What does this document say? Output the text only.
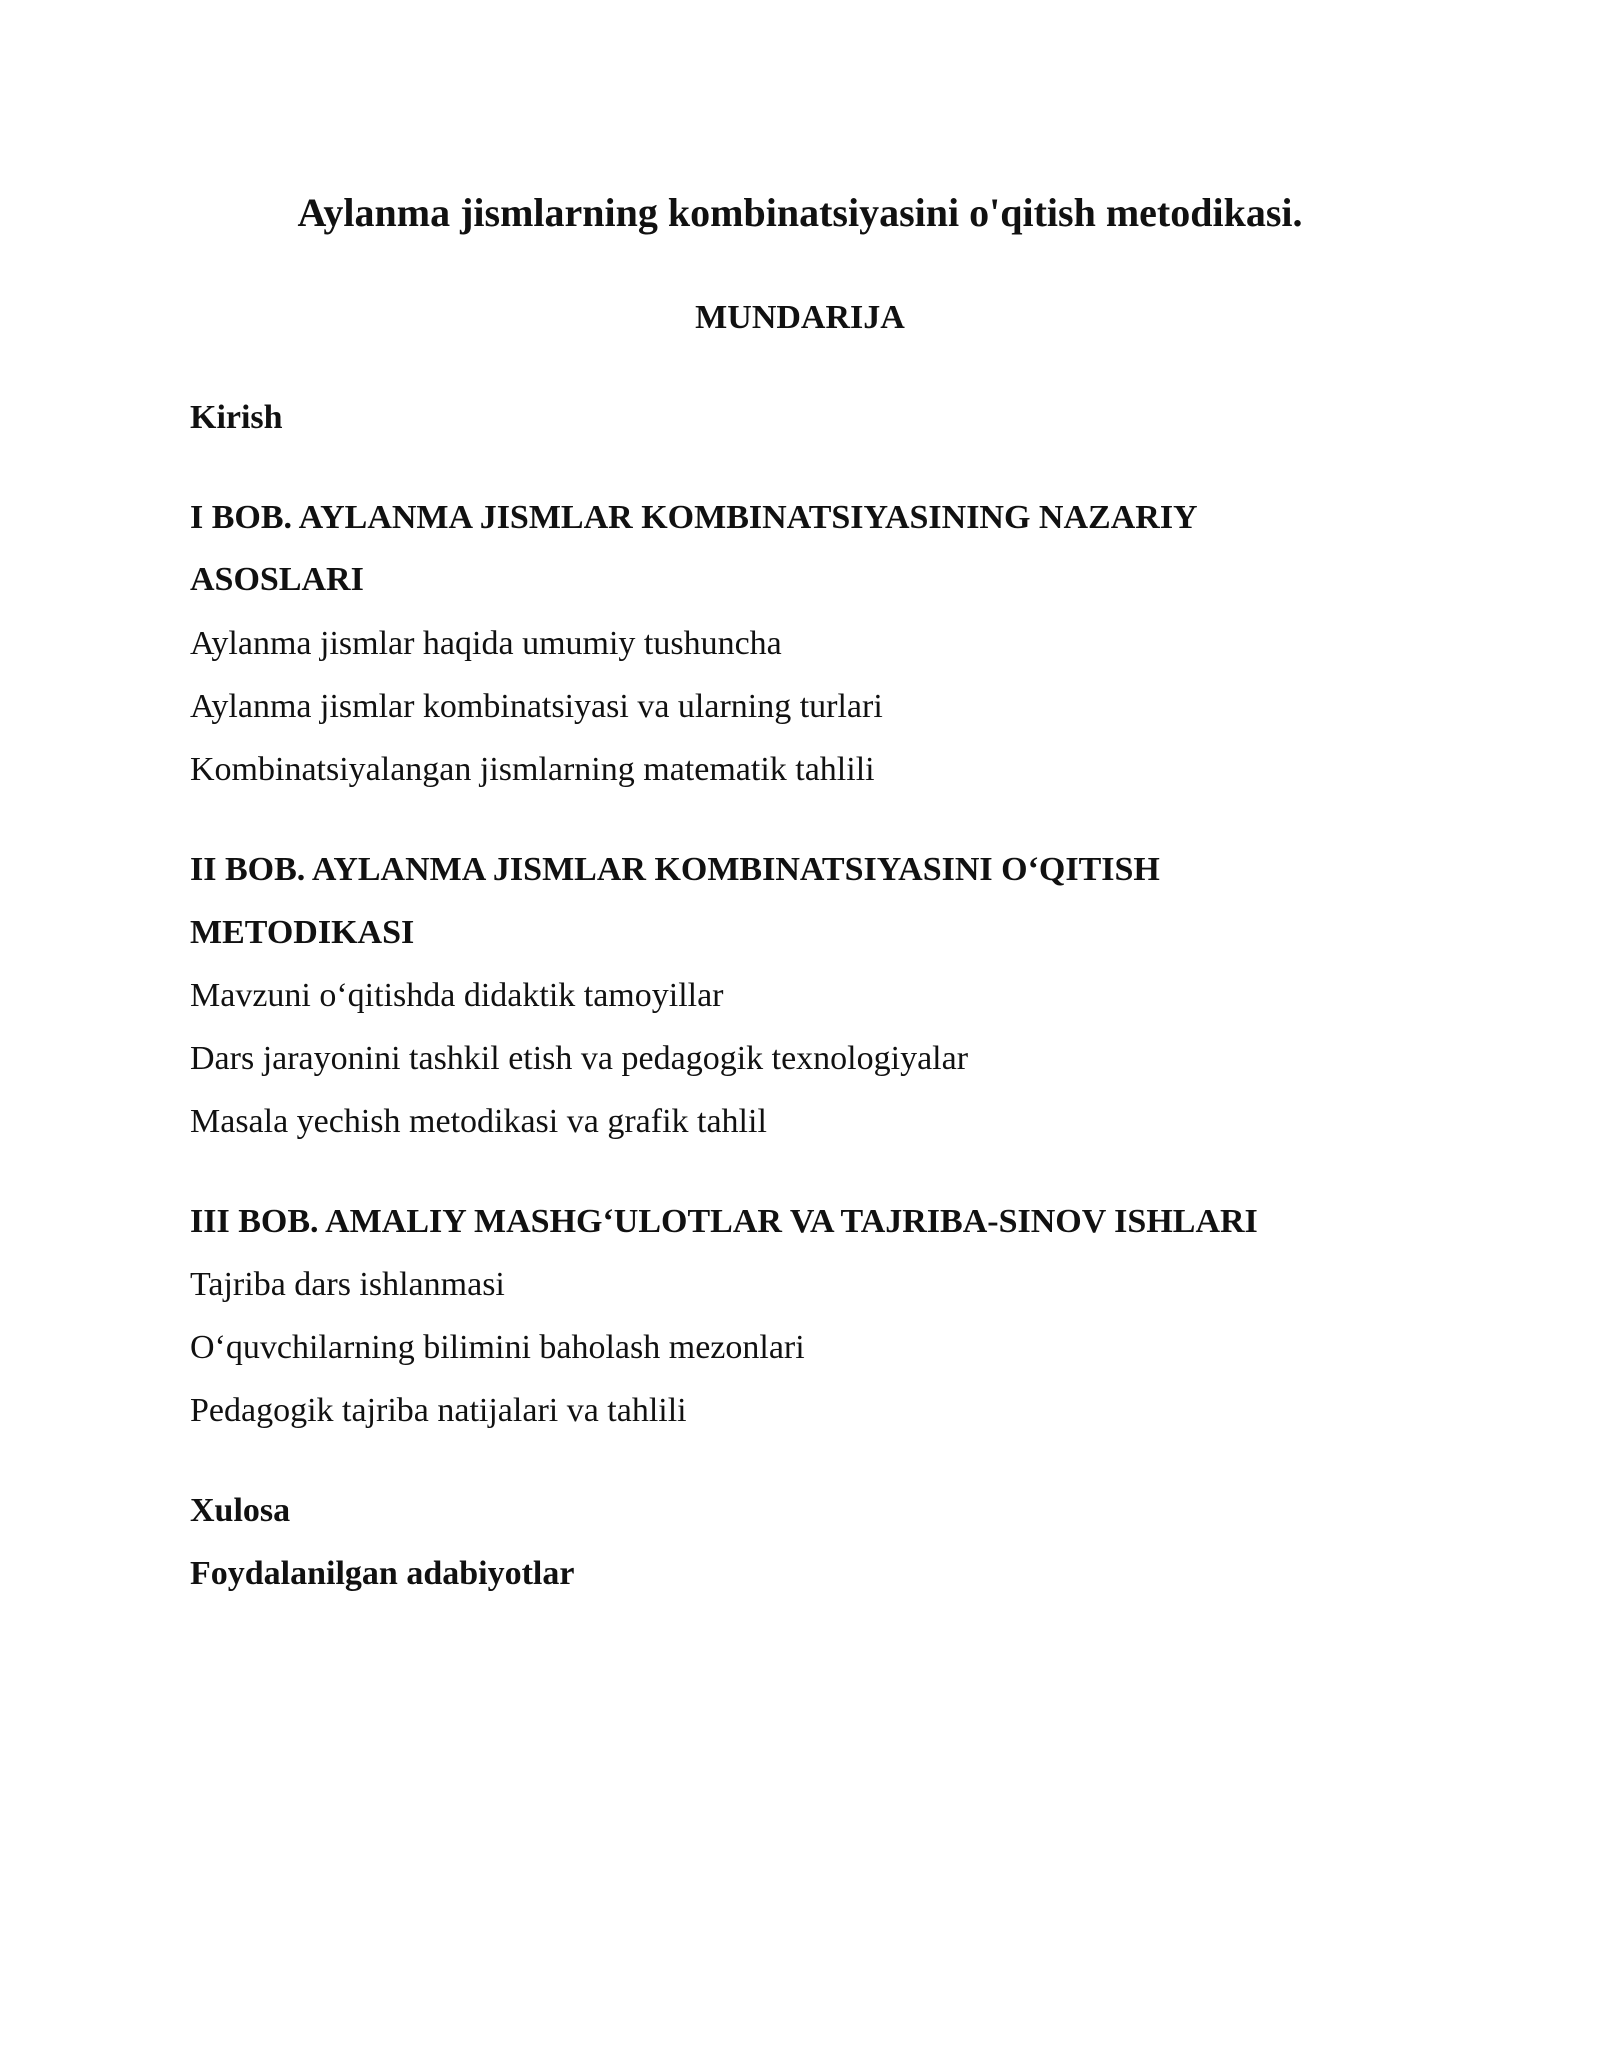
Aylanma jismlarning kombinatsiyasini o'qitish metodikasi.
MUNDARIJA

Kirish

I BOB. AYLANMA JISMLAR KOMBINATSIYASINING NAZARIY

ASOSLARI

Aylanma jismlar haqida umumiy tushuncha

Aylanma jismlar kombinatsiyasi va ularning turlari

Kombinatsiyalangan jismlarning matematik tahlili

II BOB. AYLANMA JISMLAR KOMBINATSIYASINI O‘QITISH

METODIKASI

Mavzuni o‘qitishda didaktik tamoyillar

Dars jarayonini tashkil etish va pedagogik texnologiyalar

Masala yechish metodikasi va grafik tahlil

III BOB. AMALIY MASHG‘ULOTLAR VA TAJRIBA-SINOV ISHLARI

Tajriba dars ishlanmasi

O‘quvchilarning bilimini baholash mezonlari

Pedagogik tajriba natijalari va tahlili

Xulosa

Foydalanilgan adabiyotlar
